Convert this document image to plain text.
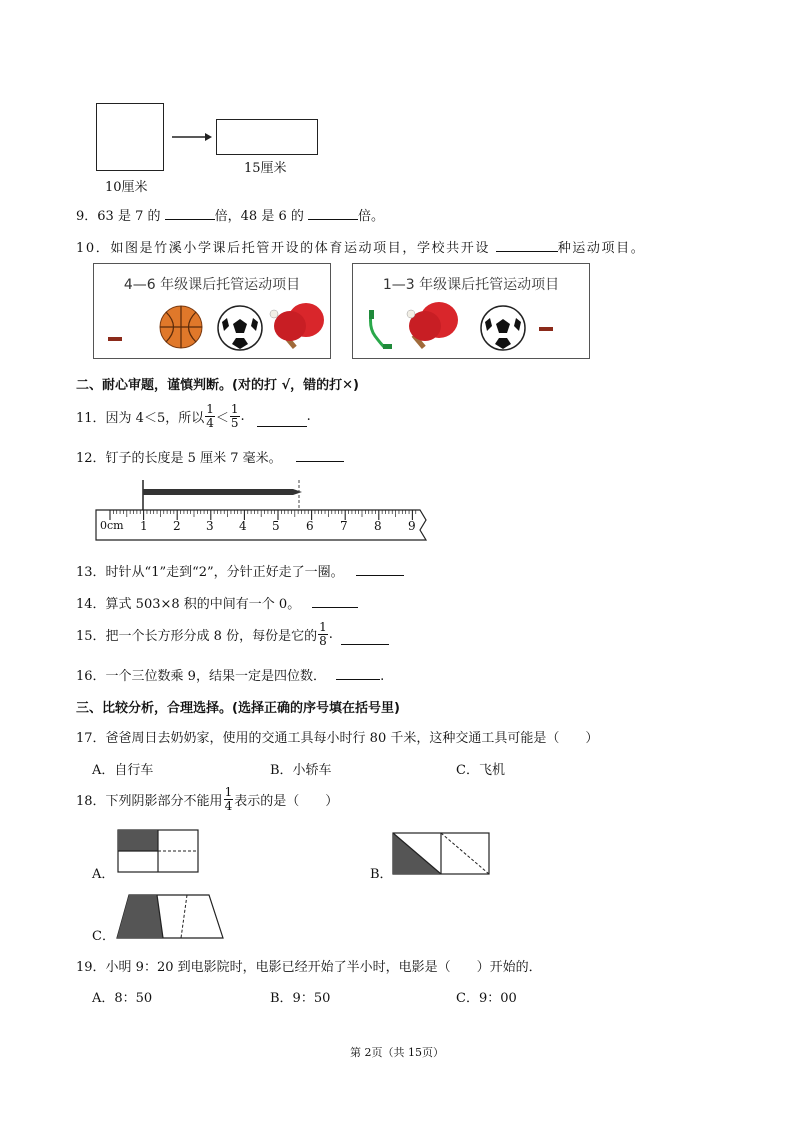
10厘米
15厘米
9．63 是 7 的	倍，48 是 6 的	倍。
10．如图是竹溪小学课后托管开设的体育运动项目，学校共开设	种运动项目。
4—6 年级课后托管运动项目	1—3 年级课后托管运动项目
二、耐心审题，谨慎判断。(对的打 √，错的打✕)
11． 因为 4＜5，所以 $\frac{1}{4} < \frac{1}{5}$ .	.
12．钉子的长度是 5 厘米 7 毫米。
0cm 1 2 3 4 5 6 7 8 9
13．时针从“1”走到“2”，分针正好走了一圈。
14．算式 503×8 积的中间有一个 0。
15． 把一个长方形分成 8 份，每份是它的 $\frac{1}{8}$ .
16．一个三位数乘 9，结果一定是四位数．	.
三、比较分析，合理选择。(选择正确的序号填在括号里)
17．爸爸周日去奶奶家，使用的交通工具每小时行 80 千米，这种交通工具可能是（　　）
A．自行车	B．小轿车	C．飞机
18． 下列阴影部分不能用 $\frac{1}{4}$ 表示的是（　　）
A．	B．
C．
19．小明 9：20 到电影院时，电影已经开始了半小时，电影是（　　）开始的．
A．8：50	B．9：50	C．9：00
第 2页（共 15页）
